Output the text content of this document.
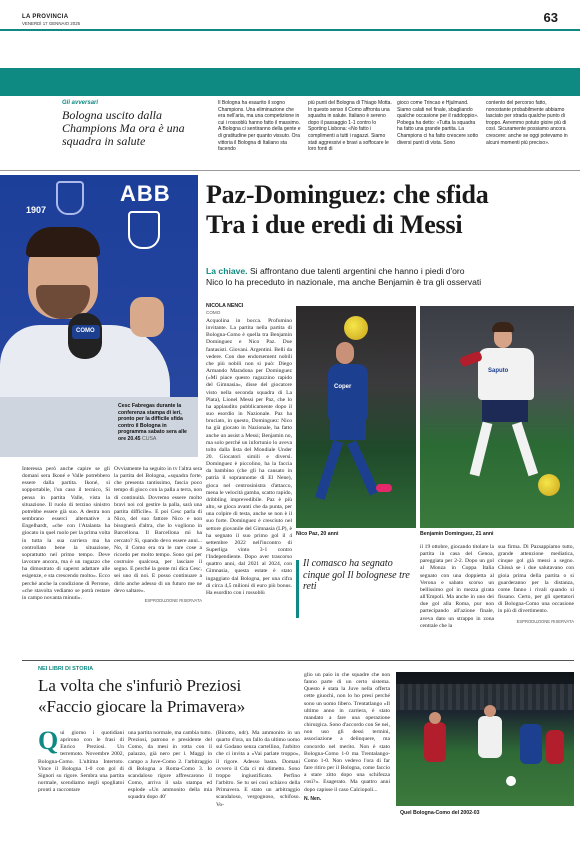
LA PROVINCIA
VENERDÌ 17 GENNAIO 2025	63
Gli avversari
Bologna uscito dalla Champions Ma ora è una squadra in salute
Il Bologna ha esaurito il sogno Champions. Una eliminazione che era nell'aria, ma una competizione in cui i rossoblù hanno fatto il massimo. A Bologna ci sentiranno della gente e di gratitudine per quanto vissuto. Ora vittoria il Bologna di Italiano sta facendo
più punti del Bologna di Thiago Motta. In questo senso il Como affronta una squadra in salute. Italiano è sereno dopo il passaggio 1-1 contro lo Sporting Lisbona: «No fatto i complimenti a tutti i ragazzi. Siamo stati aggressivi e bravi a soffocare le loro fonti di
gioco come Trincao e Hjulmand. Siamo calati nel finale, sbagliando qualche occasione per il raddoppio». Pobega ha detto: «Tutta la squadra ha fatto una grande partita. La Champions ci ha fatto crescere sotto diversi punti di vista. Sono
contento del percorso fatto, nonostante probabilmente abbiamo lasciato per strada qualche punto di troppo. Avremmo potuto gioire più di così. Sicuramente possiamo ancora crescere: anche se oggi potevamo in alcuni momenti più preciso».
ABB
1907
COMO
Cesc Fabregas durante la conferenza stampa di ieri, pronto per la difficile sfida contro il Bologna in programma sabato sera alle ore 20.45 CUSA
Paz-Dominguez: che sfida
Tra i due eredi di Messi
La chiave. Si affrontano due talenti argentini che hanno i piedi d'oro
Nico lo ha preceduto in nazionale, ma anche Benjamin è tra gli osservati
NICOLA NENCI
COMO
Acquolina in bocca. Profumino invitante. La partita nella partita di Bologna-Como è quella tra Benjamin Dominguez e Nico Paz. Due fantasisti. Giovani. Argentini. Belli da vedere. Con due endorsement nobili che più nobili non si può: Diego Armando Maradona per Dominguez («Mi piace questo ragazzino rapido del Gimnasia», disse del giocatore visto nella seconda squadra di La Plata), Lionel Messi per Paz, che lo ha applaudito pubblicamente dopo il suo esordio in Nazionale. Paz ha bruciato, in questo, Dominguez: Nico ha già giocato in Nazionale, ha fatto anche un assist a Messi; Benjamin no, ma solo perché un infortunio lo aveva tolto dalla lista del Mondiale Under 20. Giocatori simili e diversi. Dominguez è piccolino, ha la faccia da bambino (che gli ha causato in patria il soprannome di El Nene), gioca nel centrosinistra d'attacco, mena le velocità gamba, scatto rapido, dribbling imprevedibile. Paz è più alto, se gioca avanti che da punta, per una colpire di testa, anche se non è il suo forte. Dominguez è cresciuto nel settore giovanile del Gimnasia (LP), è ha segnato il suo primo gol il 4 settembre 2022 nell'incontro di Superliga vinto 3-1 contro l'Independiente. Dopo aver trascorso quattro anni, dal 2021 al 2024, con Gimnasia, questa estate è stato ingaggiato dal Bologna, per una cifra di circa 4,5 milioni di euro più bonus. Ha esordito con i rossoblù
Coper
Nico Paz, 20 anni
Saputo
Benjamin Dominguez, 21 anni
il 19 ottobre, giocando titolare la partita in casa del Genoa, pareggiata per 2-2. Dopo un gol al Monza in Coppa Italia segnato con una doppietta al Verona e sabato scorso un bellissimo gol in mezza girata all'Empoli. Ma anche in uno dei due gol alla Roma, pur non partecipando all'azione finale, aveva dato un strappo in zona centrale che la
sua firma. Di Pazsappiamo tutto, grande attenzione mediatica, cinque gol già messi a segno. Chissà se i due salutavano con gioia prima della partita o si guarderanno per la distanza, come fanno i rivali quando si fissano. Certo, per gli spettatori di Bologna-Como una occasione in più di divertimento.
ESPRODUZIONE RISERVATA
Il comasco ha segnato cinque gol Il bolognese tre reti
Interessa però anche capire se gli domani sera Ikoné e Valle potrebbero essere dalla partita. Ikoné, sì sopportabile, l'un caso il tecnico, Si pensa in partita Valle, vista la situazione. Il ruolo di terzino sinistro potrebbe essere già suo. A destra non sembrano esserci alternative a Engelhardt, «che con l'Atalanta ha giocato in quel ruolo per la prima volta in tutta la sua carriera ma ha controllato bene la situazione, soprattutto nel primo tempo. Deve lavorare ancora, ma è un ragazzo che ha dimostrato di saperst adattare alle esigenze, e sta crescendo molto». Ecco perché anche la condizione di Perrone, «che stavolta vediamo se potrà restare in campo novanta minuti».
Ovviamente ha seguito in tv l'altra sera la partita del Bologna, «squadra forte, che presenta tantissimo, fascia poco tempo di gioco con la palla a terra, non di continuità. Dovremo essere molto bravi noi col gestire la palla, sarà una partita difficile». E poi Cesc parla di Nico, del suo fattore Nico e non bisognerà d'altra, che lo vogliono in Barcellona. Il Barcellona mi ha cercato? Sì, quando devo essere anni... No, il Como era tra le rare cose a ricordo per molto tempo. Sono qui per costruire qualcosa, per lasciare il segno. E perché la gente mi dica Cesc, sei uno di noi. E posso continuare a dirlo anche adesso di un futuro me ne devo saltare».
ESPRODUZIONE RISERVATA
NEI LIBRI DI STORIA
La volta che s'infuriò Preziosi
«Faccio giocare la Primavera»
Q ui giorno i quotidiani aprirono con le frasi di Enrico Preziosi. Un terremoto. Novembre 2002, Bologna-Como. L'ultima Intertoto. Vince il Bologna 1-0 con gol di Signori su rigore. Sembra una partita normale, scendiamo negli spogliatoi pronti a raccontare
una partita normale, ma cambia tutto. Preziosi, patrono e presidente del Como, da mesi in rotta con il palazzo, già nero per l. Maggi in campo a Juve-Como 2. l'arbitraggio di Bologna a Roma-Como 3. Io scandaloso rigore affrescarono il Como, arriva il sala stampa ed esplode «Un ammonito della mia squadra dopo 40'
(Binotto, ndr). Ma ammonito in un quarto d'ora, un fallo da ultimo uomo sul Godano senza cartellino, l'arbitro che ci invita a «Vai parlate troppo», il rigore. Adesso basta. Domani ovvero il Cda ci mi dimetto. Sono troppo ingiustificato. Perfino l'arbitro. Se tu sei così schiavo della Primavera. E stato un arbitraggio scandaloso, vergognoso, schifoso. Vo-
glio un paio in che squadre che non fanno parte di un certo sistema. Questo è stata la Juve nella offerta cette giuochi, non lo ho presi perché sono un uomo libero. Trentatlango «Il ultimo anno in carriera, è stato mandato a fare una operazione chirurgica. Sono d'accordo con Se nei, non uso gli dessi termini, associazione a delinquere, ma concordo nel merito. Non è stato Bologna-Como 1-0 ma Trentalango-Como 1-0. Non vedevo l'ora di far fare ritiro per il Bologna, come faccio a stare zitto dopo una schifezza così?». Esagerato. Ma quattro anni dopo capisse il caso Calciopoli...
N. Nen.
Quel Bologna-Como del 2002-03
